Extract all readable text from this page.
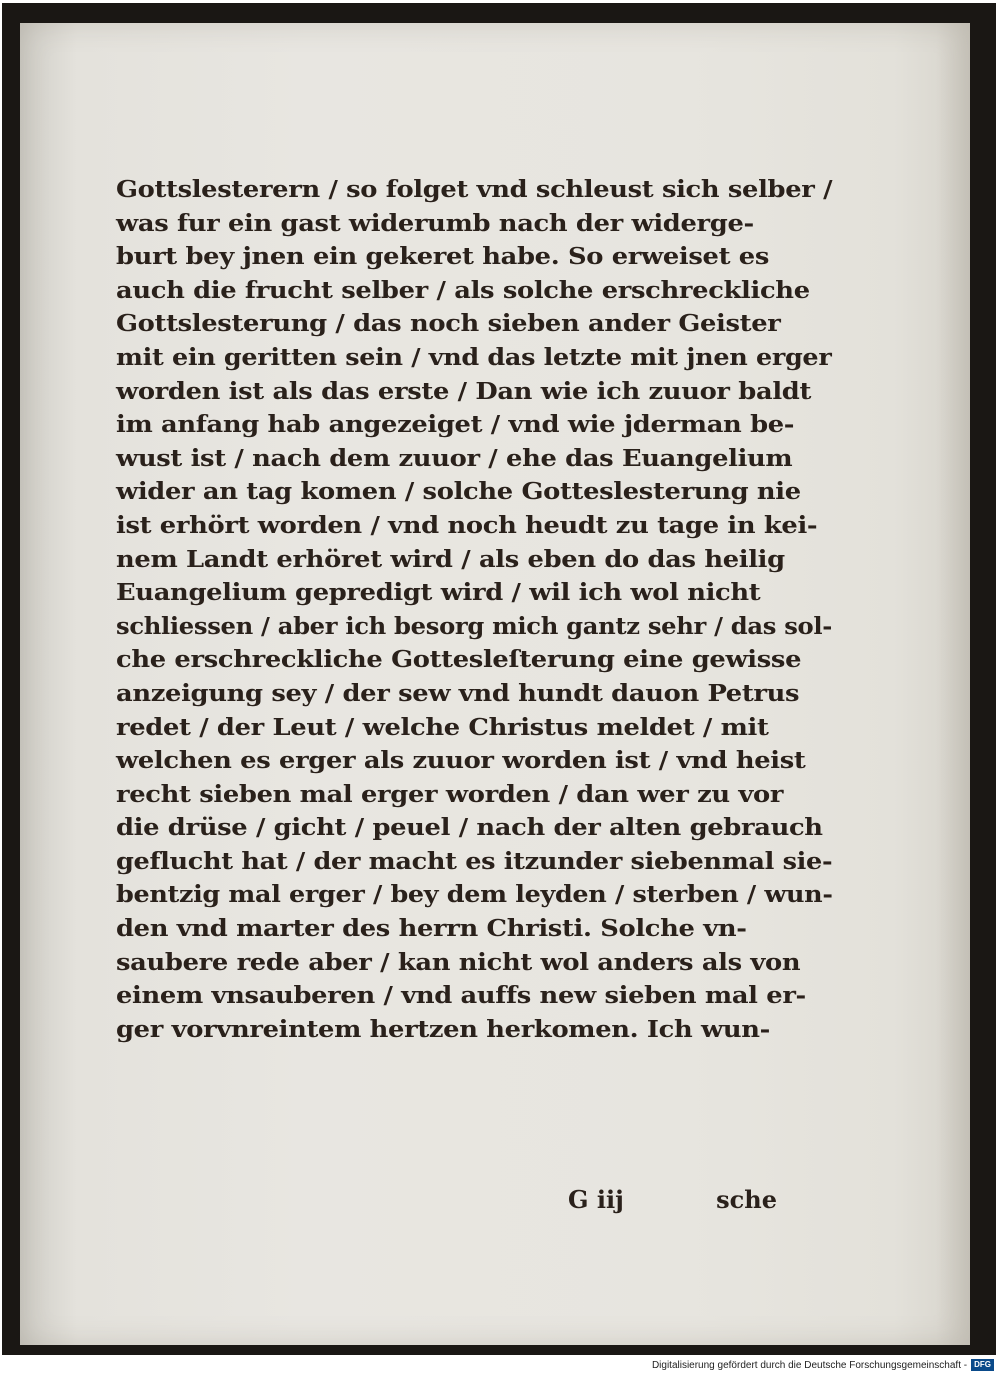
Gottslesterern / so folget vnd schleust sich selber /
was fur ein gast widerumb nach der widerge-
burt bey jnen ein gekeret habe. So erweiset es
auch die frucht selber / als solche erschreckliche
Gottslesterung / das noch sieben ander Geister
mit ein geritten sein / vnd das letzte mit jnen erger
worden ist als das erste / Dan wie ich zuuor baldt
im anfang hab angezeiget / vnd wie jderman be-
wust ist / nach dem zuuor / ehe das Euangelium
wider an tag komen / solche Gotteslesterung nie
ist erhört worden / vnd noch heudt zu tage in kei-
nem Landt erhöret wird / als eben do das heilig
Euangelium gepredigt wird / wil ich wol nicht
schliessen / aber ich besorg mich gantz sehr / das sol-
che erschreckliche Gottesleſterung eine gewisse
anzeigung sey / der sew vnd hundt dauon Petrus
redet / der Leut / welche Christus meldet / mit
welchen es erger als zuuor worden ist / vnd heist
recht sieben mal erger worden / dan wer zu vor
die drüse / gicht / peuel / nach der alten gebrauch
geflucht hat / der macht es itzunder siebenmal sie-
bentzig mal erger / bey dem leyden / sterben / wun-
den vnd marter des herrn Christi. Solche vn-
saubere rede aber / kan nicht wol anders als von
einem vnsauberen / vnd auffs new sieben mal er-
ger vorvnreintem hertzen herkomen. Ich wun-
G iij	sche
Digitalisierung gefördert durch die Deutsche Forschungsgemeinschaft - DFG
